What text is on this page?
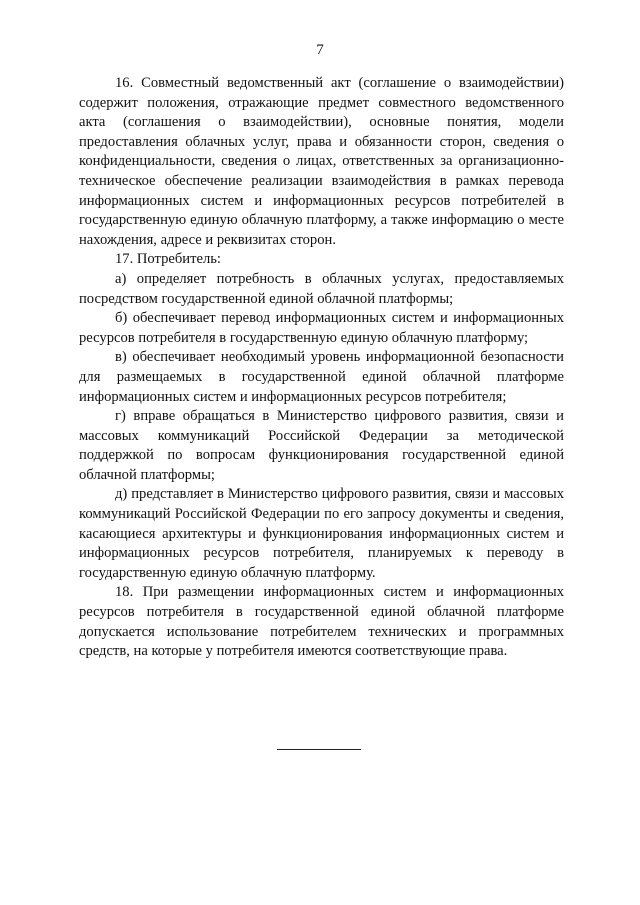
7

16. Совместный ведомственный акт (соглашение о взаимодействии) содержит положения, отражающие предмет совместного ведомственного акта (соглашения о взаимодействии), основные понятия, модели предоставления облачных услуг, права и обязанности сторон, сведения о конфиденциальности, сведения о лицах, ответственных за организационно-техническое обеспечение реализации взаимодействия в рамках перевода информационных систем и информационных ресурсов потребителей в государственную единую облачную платформу, а также информацию о месте нахождения, адресе и реквизитах сторон.

17. Потребитель:

а) определяет потребность в облачных услугах, предоставляемых посредством государственной единой облачной платформы;

б) обеспечивает перевод информационных систем и информационных ресурсов потребителя в государственную единую облачную платформу;

в) обеспечивает необходимый уровень информационной безопасности для размещаемых в государственной единой облачной платформе информационных систем и информационных ресурсов потребителя;

г) вправе обращаться в Министерство цифрового развития, связи и массовых коммуникаций Российской Федерации за методической поддержкой по вопросам функционирования государственной единой облачной платформы;

д) представляет в Министерство цифрового развития, связи и массовых коммуникаций Российской Федерации по его запросу документы и сведения, касающиеся архитектуры и функционирования информационных систем и информационных ресурсов потребителя, планируемых к переводу в государственную единую облачную платформу.

18. При размещении информационных систем и информационных ресурсов потребителя в государственной единой облачной платформе допускается использование потребителем технических и программных средств, на которые у потребителя имеются соответствующие права.
